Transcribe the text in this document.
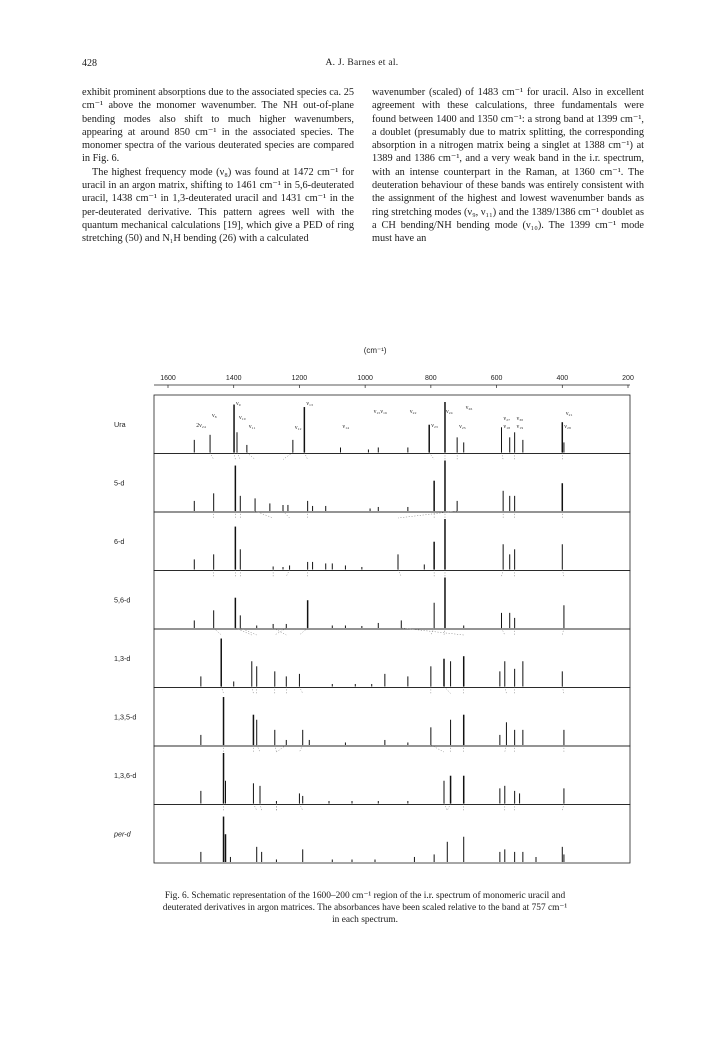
428	A. J. Barnes et al.

exhibit prominent absorptions due to the associated species ca. 25 cm⁻¹ above the monomer wavenumber. The NH out-of-plane bending modes also shift to much higher wavenumbers, appearing at around 850 cm⁻¹ in the associated species. The monomer spectra of the various deuterated species are compared in Fig. 6.

The highest frequency mode (ν₈) was found at 1472 cm⁻¹ for uracil in an argon matrix, shifting to 1461 cm⁻¹ in 5,6-deuterated uracil, 1438 cm⁻¹ in 1,3-deuterated uracil and 1431 cm⁻¹ in the per-deuterated derivative. This pattern agrees well with the quantum mechanical calculations [19], which give a PED of ring stretching (50) and N₁H bending (26) with a calculated

wavenumber (scaled) of 1483 cm⁻¹ for uracil. Also in excellent agreement with these calculations, three fundamentals were found between 1400 and 1350 cm⁻¹: a strong band at 1399 cm⁻¹, a doublet (presumably due to matrix splitting, the corresponding absorption in a nitrogen matrix being a singlet at 1388 cm⁻¹) at 1389 and 1386 cm⁻¹, and a very weak band in the i.r. spectrum, with an intense counterpart in the Raman, at 1360 cm⁻¹. The deuteration behaviour of these bands was entirely consistent with the assignment of the highest and lowest wavenumber bands as ring stretching modes (ν₉, ν₁₁) and the 1389/1386 cm⁻¹ doublet as a CH bending/NH bending mode (ν₁₀). The 1399 cm⁻¹ mode must have an

(cm⁻¹)
1600	1400	1200	1000	800	600	400	200
Ura
5-d
6-d
5,6-d
1,3-d
1,3,5-d
1,3,6-d
per-d
ν₉	ν₁₃
ν₈
2ν₂₄
ν₁₀
ν₁₁	ν₁₂	ν₁₄
ν₁₅ν₁₆	ν₂₂
ν₂₃
ν₂₄
ν₂₆
ν₂₅
ν₂₇ ν₃₀
ν₁₈ ν₁₉
ν₂₁
ν₂₈
Fig. 6. Schematic representation of the 1600–200 cm⁻¹ region of the i.r. spectrum of monomeric uracil and
deuterated derivatives in argon matrices. The absorbances have been scaled relative to the band at 757 cm⁻¹
in each spectrum.
